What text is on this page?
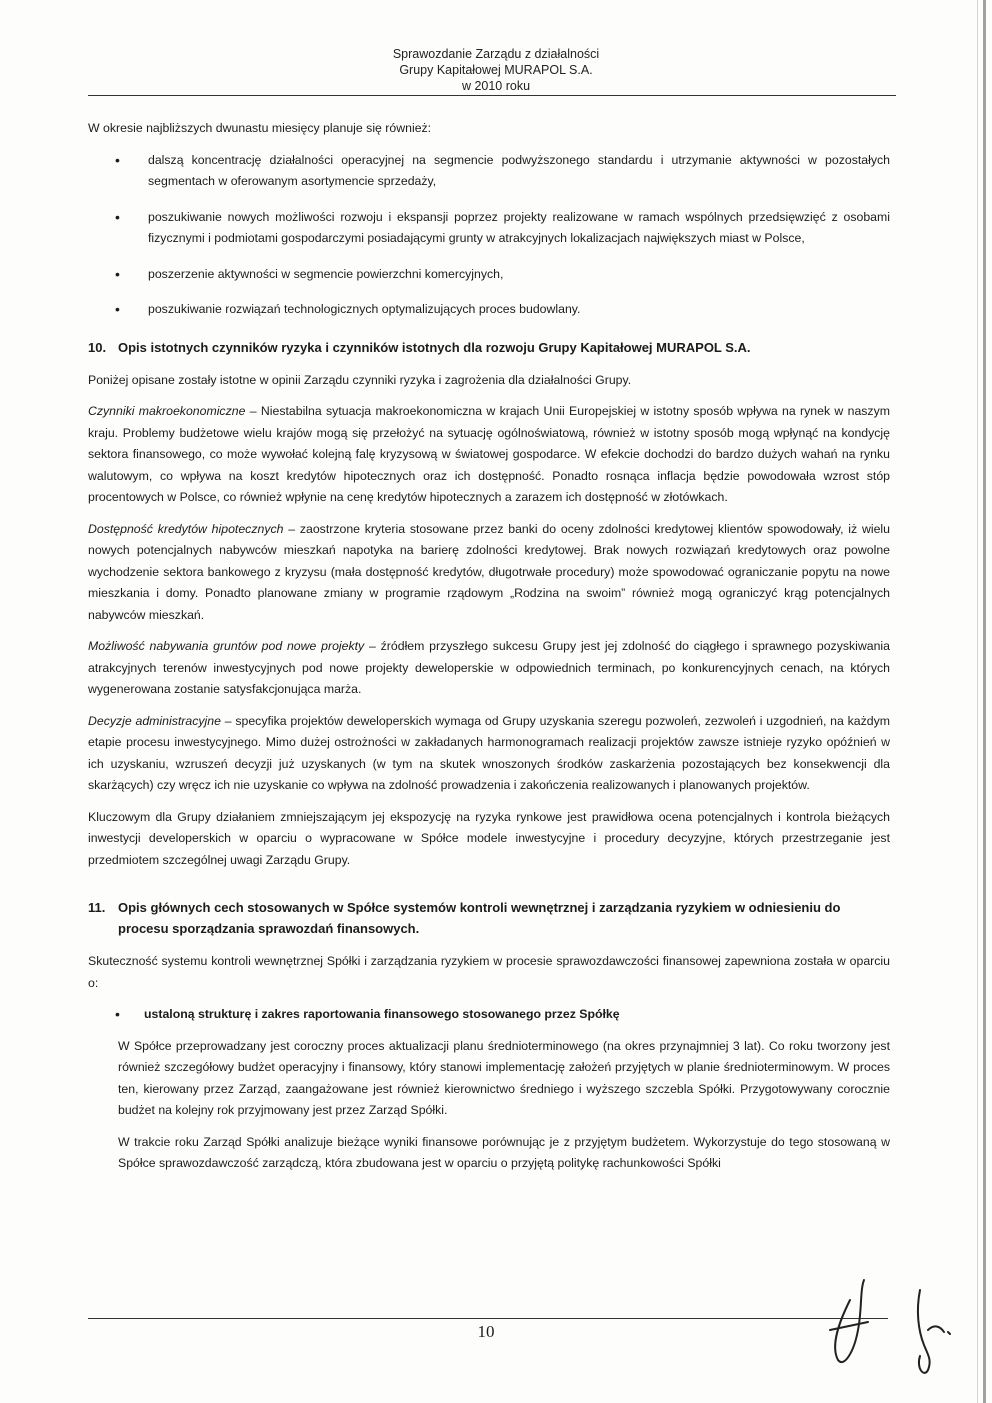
Sprawozdanie Zarządu z działalności
Grupy Kapitałowej MURAPOL S.A.
w 2010 roku

W okresie najbliższych dwunastu miesięcy planuje się również:

• dalszą koncentrację działalności operacyjnej na segmencie podwyższonego standardu i utrzymanie aktywności w pozostałych segmentach w oferowanym asortymencie sprzedaży,
• poszukiwanie nowych możliwości rozwoju i ekspansji poprzez projekty realizowane w ramach wspólnych przedsięwzięć z osobami fizycznymi i podmiotami gospodarczymi posiadającymi grunty w atrakcyjnych lokalizacjach największych miast w Polsce,
• poszerzenie aktywności w segmencie powierzchni komercyjnych,
• poszukiwanie rozwiązań technologicznych optymalizujących proces budowlany.
10. Opis istotnych czynników ryzyka i czynników istotnych dla rozwoju Grupy Kapitałowej MURAPOL S.A.

Poniżej opisane zostały istotne w opinii Zarządu czynniki ryzyka i zagrożenia dla działalności Grupy.

Czynniki makroekonomiczne – Niestabilna sytuacja makroekonomiczna w krajach Unii Europejskiej w istotny sposób wpływa na rynek w naszym kraju. Problemy budżetowe wielu krajów mogą się przełożyć na sytuację ogólnoświatową, również w istotny sposób mogą wpłynąć na kondycję sektora finansowego, co może wywołać kolejną falę kryzysową w światowej gospodarce. W efekcie dochodzi do bardzo dużych wahań na rynku walutowym, co wpływa na koszt kredytów hipotecznych oraz ich dostępność. Ponadto rosnąca inflacja będzie powodowała wzrost stóp procentowych w Polsce, co również wpłynie na cenę kredytów hipotecznych a zarazem ich dostępność w złotówkach.

Dostępność kredytów hipotecznych – zaostrzone kryteria stosowane przez banki do oceny zdolności kredytowej klientów spowodowały, iż wielu nowych potencjalnych nabywców mieszkań napotyka na barierę zdolności kredytowej. Brak nowych rozwiązań kredytowych oraz powolne wychodzenie sektora bankowego z kryzysu (mała dostępność kredytów, długotrwałe procedury) może spowodować ograniczanie popytu na nowe mieszkania i domy. Ponadto planowane zmiany w programie rządowym „Rodzina na swoim” również mogą ograniczyć krąg potencjalnych nabywców mieszkań.

Możliwość nabywania gruntów pod nowe projekty – źródłem przyszłego sukcesu Grupy jest jej zdolność do ciągłego i sprawnego pozyskiwania atrakcyjnych terenów inwestycyjnych pod nowe projekty deweloperskie w odpowiednich terminach, po konkurencyjnych cenach, na których wygenerowana zostanie satysfakcjonująca marża.

Decyzje administracyjne – specyfika projektów deweloperskich wymaga od Grupy uzyskania szeregu pozwoleń, zezwoleń i uzgodnień, na każdym etapie procesu inwestycyjnego. Mimo dużej ostrożności w zakładanych harmonogramach realizacji projektów zawsze istnieje ryzyko opóźnień w ich uzyskaniu, wzruszeń decyzji już uzyskanych (w tym na skutek wnoszonych środków zaskarżenia pozostających bez konsekwencji dla skarżących) czy wręcz ich nie uzyskanie co wpływa na zdolność prowadzenia i zakończenia realizowanych i planowanych projektów.

Kluczowym dla Grupy działaniem zmniejszającym jej ekspozycję na ryzyka rynkowe jest prawidłowa ocena potencjalnych i kontrola bieżących inwestycji developerskich w oparciu o wypracowane w Spółce modele inwestycyjne i procedury decyzyjne, których przestrzeganie jest przedmiotem szczególnej uwagi Zarządu Grupy.

11. Opis głównych cech stosowanych w Spółce systemów kontroli wewnętrznej i zarządzania ryzykiem w odniesieniu do procesu sporządzania sprawozdań finansowych.

Skuteczność systemu kontroli wewnętrznej Spółki i zarządzania ryzykiem w procesie sprawozdawczości finansowej zapewniona została w oparciu o:

• ustaloną strukturę i zakres raportowania finansowego stosowanego przez Spółkę

W Spółce przeprowadzany jest coroczny proces aktualizacji planu średnioterminowego (na okres przynajmniej 3 lat). Co roku tworzony jest również szczegółowy budżet operacyjny i finansowy, który stanowi implementację założeń przyjętych w planie średnioterminowym. W proces ten, kierowany przez Zarząd, zaangażowane jest również kierownictwo średniego i wyższego szczebla Spółki. Przygotowywany corocznie budżet na kolejny rok przyjmowany jest przez Zarząd Spółki.

W trakcie roku Zarząd Spółki analizuje bieżące wyniki finansowe porównując je z przyjętym budżetem. Wykorzystuje do tego stosowaną w Spółce sprawozdawczość zarządczą, która zbudowana jest w oparciu o przyjętą politykę rachunkowości Spółki

10
